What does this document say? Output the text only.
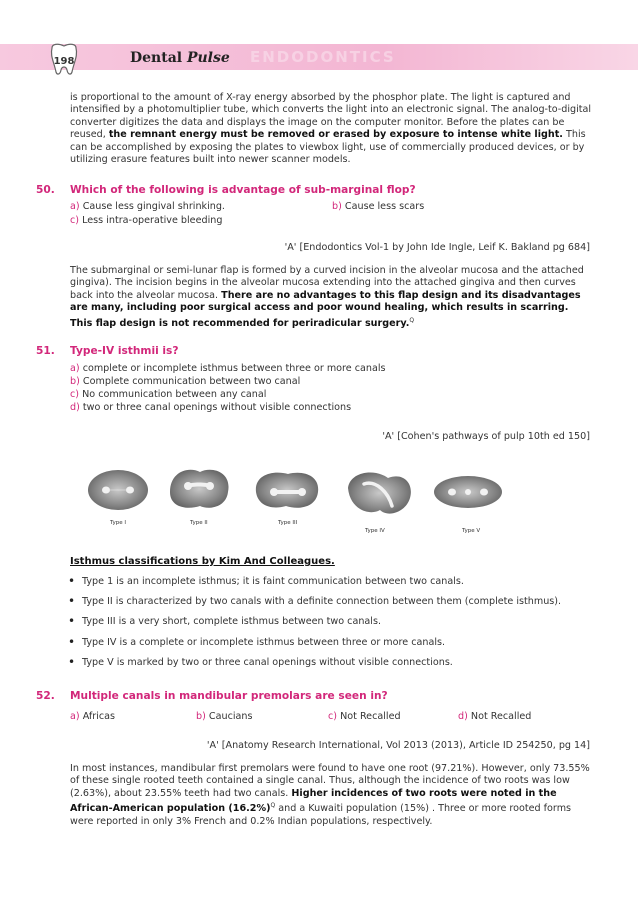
ENDODONTICS
198	Dental Pulse
is proportional to the amount of X-ray energy absorbed by the phosphor plate. The light is captured and intensified by a photomultiplier tube, which converts the light into an electronic signal. The analog-to-digital converter digitizes the data and displays the image on the computer monitor. Before the plates can be reused, the remnant energy must be removed or erased by exposure to intense white light. This can be accomplished by exposing the plates to viewbox light, use of commercially produced devices, or by utilizing erasure features built into newer scanner models.
50. Which of the following is advantage of sub-marginal flop?
a) Cause less gingival shrinking.	b) Cause less scars
c) Less intra-operative bleeding
'A' [Endodontics Vol-1 by John Ide Ingle, Leif K. Bakland pg 684]
The submarginal or semi-lunar flap is formed by a curved incision in the alveolar mucosa and the attached gingiva). The incision begins in the alveolar mucosa extending into the attached gingiva and then curves back into the alveolar mucosa. There are no advantages to this flap design and its disadvantages are many, including poor surgical access and poor wound healing, which results in scarring. This flap design is not recommended for periradicular surgery.$^Q$
51. Type-IV isthmii is?
a) complete or incomplete isthmus between three or more canals
b) Complete communication between two canal
c) No communication between any canal
d) two or three canal openings without visible connections
'A' [Cohen's pathways of pulp 10th ed 150]
Type I	Type II	Type III
Type IV	Type V
Isthmus classifications by Kim And Colleagues.
• Type 1 is an incomplete isthmus; it is faint communication between two canals.
• Type II is characterized by two canals with a definite connection between them (complete isthmus).
• Type III is a very short, complete isthmus between two canals.
• Type IV is a complete or incomplete isthmus between three or more canals.
• Type V is marked by two or three canal openings without visible connections.
52. Multiple canals in mandibular premolars are seen in?
a) Africas	b) Caucians	c) Not Recalled	d) Not Recalled
'A' [Anatomy Research International, Vol 2013 (2013), Article ID 254250, pg 14]
In most instances, mandibular first premolars were found to have one root (97.21%). However, only 73.55% of these single rooted teeth contained a single canal. Thus, although the incidence of two roots was low (2.63%), about 23.55% teeth had two canals. Higher incidences of two roots were noted in the African-American population $(16.2\%)^Q$ and a Kuwaiti population (15%) . Three or more rooted forms were reported in only 3% French and 0.2% Indian populations, respectively.
